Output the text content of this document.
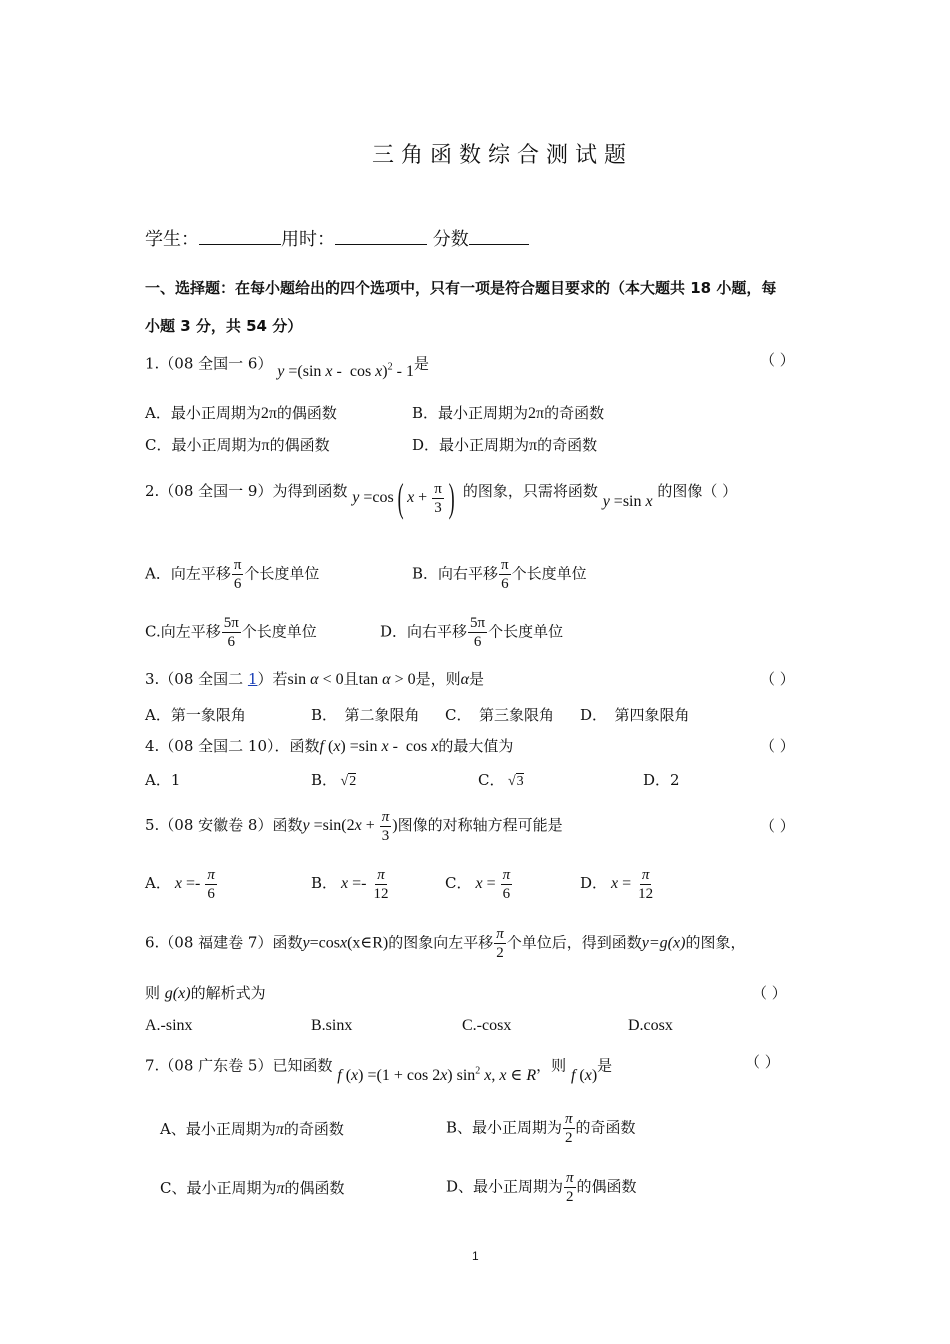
三角函数综合测试题
学生：	用时：	分数
一、选择题：在每小题给出的四个选项中，只有一项是符合题目要求的（本大题共 18 小题，每
小题 3 分，共 54 分）
1.（08 全国一 6） y =(sin x -  cos x)$^2$ - 1是	（ ）
A．最小正周期为2π的偶函数	B．最小正周期为2π的奇函数
C．最小正周期为π的偶函数	D．最小正周期为π的奇函数
2.（08 全国一 9）为得到函数 y =cos( $x + \frac{\pi}{3}$ ) 的图象，只需将函数 y =sin x 的图像（ ）
A．向左平移 $\frac{\pi}{6}$ 个长度单位	B．向右平移 $\frac{\pi}{6}$ 个长度单位
C.向左平移 $\frac{5\pi}{6}$ 个长度单位	D．向右平移 $\frac{5\pi}{6}$ 个长度单位
3.（08 全国二 1）若sin α < 0且tan α > 0是，则α是	（ ）
A．第一象限角	B．　第二象限角 C．　第三象限角 D．　第四象限角
4.（08 全国二 10）．函数f (x) =sin x -  cos x的最大值为	（ ）
A．1	B． √2	C． √3	D．2
5.（08 安徽卷 8）函数$y =\sin(2x + \frac{\pi}{3}$ )图像的对称轴方程可能是	（ ）
A． $x =- \frac{\pi}{6}$	B． $x =- \frac{\pi}{12}$	C． $x = \frac{\pi}{6}$	D． $x = \frac{\pi}{12}$
6.（08 福建卷 7）函数y=cosx(x∈R)的图象向左平移 $\frac{\pi}{2}$ 个单位后，得到函数y=g(x)的图象，
则 g(x)的解析式为	（ ）
A.-sinx	B.sinx	C.-cosx	D.cosx
7.（08 广东卷 5）已知函数 f (x) =(1 + cos 2x) $\sin^2 x$, x ∈ R，则 f (x)是	（ ）
A、最小正周期为π的奇函数	B、最小正周期为 $\frac{\pi}{2}$ 的奇函数
C、最小正周期为π的偶函数	D、最小正周期为 $\frac{\pi}{2}$ 的偶函数
1
